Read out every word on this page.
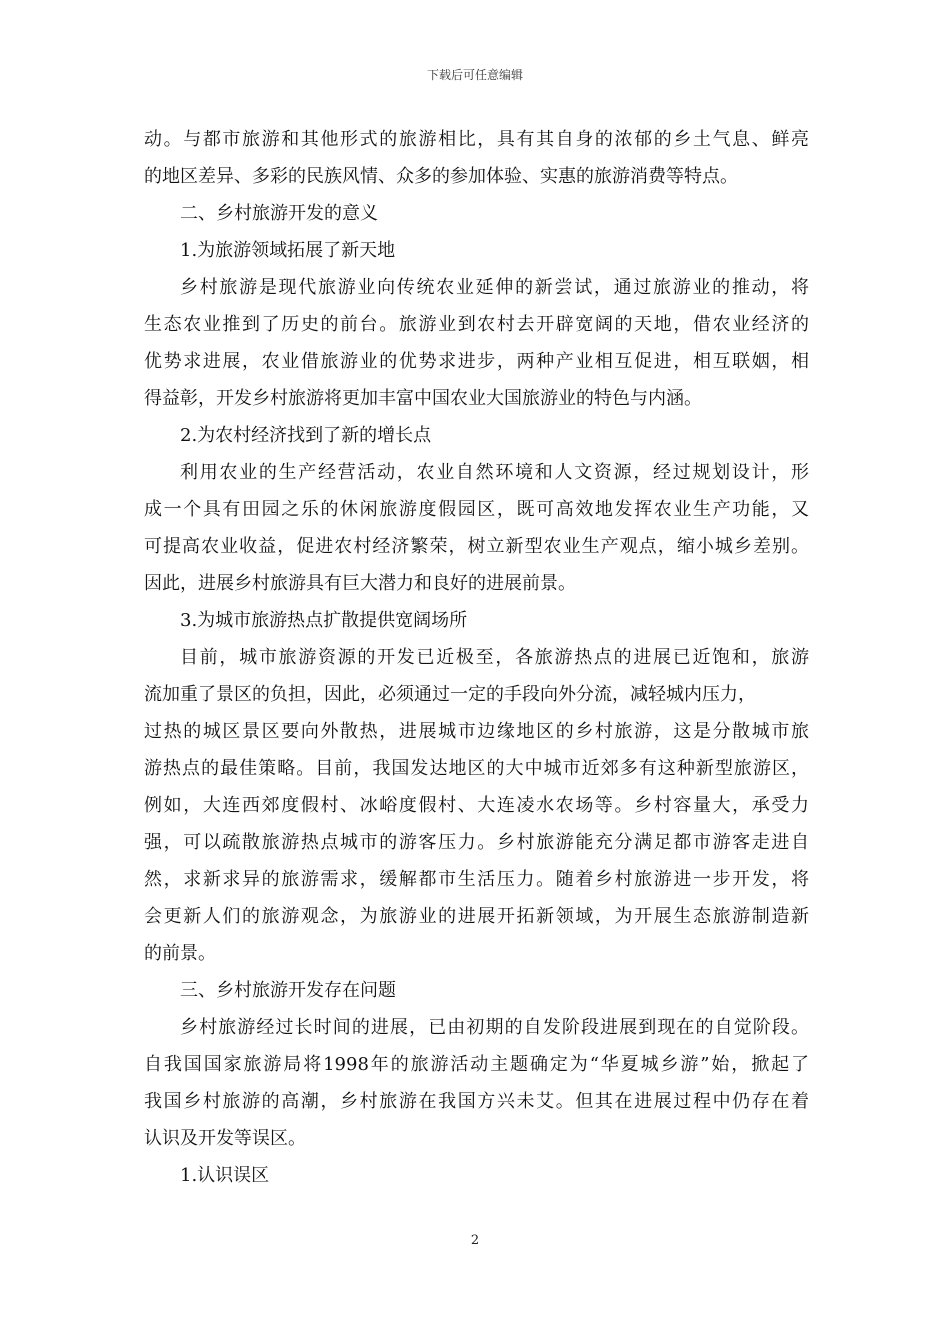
下载后可任意编辑
动。与都市旅游和其他形式的旅游相比，具有其自身的浓郁的乡土气息、鲜亮
的地区差异、多彩的民族风情、众多的参加体验、实惠的旅游消费等特点。
二、乡村旅游开发的意义
1.为旅游领域拓展了新天地
乡村旅游是现代旅游业向传统农业延伸的新尝试，通过旅游业的推动，将
生态农业推到了历史的前台。旅游业到农村去开辟宽阔的天地，借农业经济的
优势求进展，农业借旅游业的优势求进步，两种产业相互促进，相互联姻，相
得益彰，开发乡村旅游将更加丰富中国农业大国旅游业的特色与内涵。
2.为农村经济找到了新的增长点
利用农业的生产经营活动，农业自然环境和人文资源，经过规划设计，形
成一个具有田园之乐的休闲旅游度假园区，既可高效地发挥农业生产功能，又
可提高农业收益，促进农村经济繁荣，树立新型农业生产观点，缩小城乡差别。
因此，进展乡村旅游具有巨大潜力和良好的进展前景。
3.为城市旅游热点扩散提供宽阔场所
目前，城市旅游资源的开发已近极至，各旅游热点的进展已近饱和，旅游
流加重了景区的负担，因此，必须通过一定的手段向外分流，减轻城内压力，
过热的城区景区要向外散热，进展城市边缘地区的乡村旅游，这是分散城市旅
游热点的最佳策略。目前，我国发达地区的大中城市近郊多有这种新型旅游区，
例如，大连西郊度假村、冰峪度假村、大连凌水农场等。乡村容量大，承受力
强，可以疏散旅游热点城市的游客压力。乡村旅游能充分满足都市游客走进自
然，求新求异的旅游需求，缓解都市生活压力。随着乡村旅游进一步开发，将
会更新人们的旅游观念，为旅游业的进展开拓新领域，为开展生态旅游制造新
的前景。
三、乡村旅游开发存在问题
乡村旅游经过长时间的进展，已由初期的自发阶段进展到现在的自觉阶段。
自我国国家旅游局将1998年的旅游活动主题确定为“华夏城乡游”始，掀起了
我国乡村旅游的高潮，乡村旅游在我国方兴未艾。但其在进展过程中仍存在着
认识及开发等误区。
1.认识误区
2
